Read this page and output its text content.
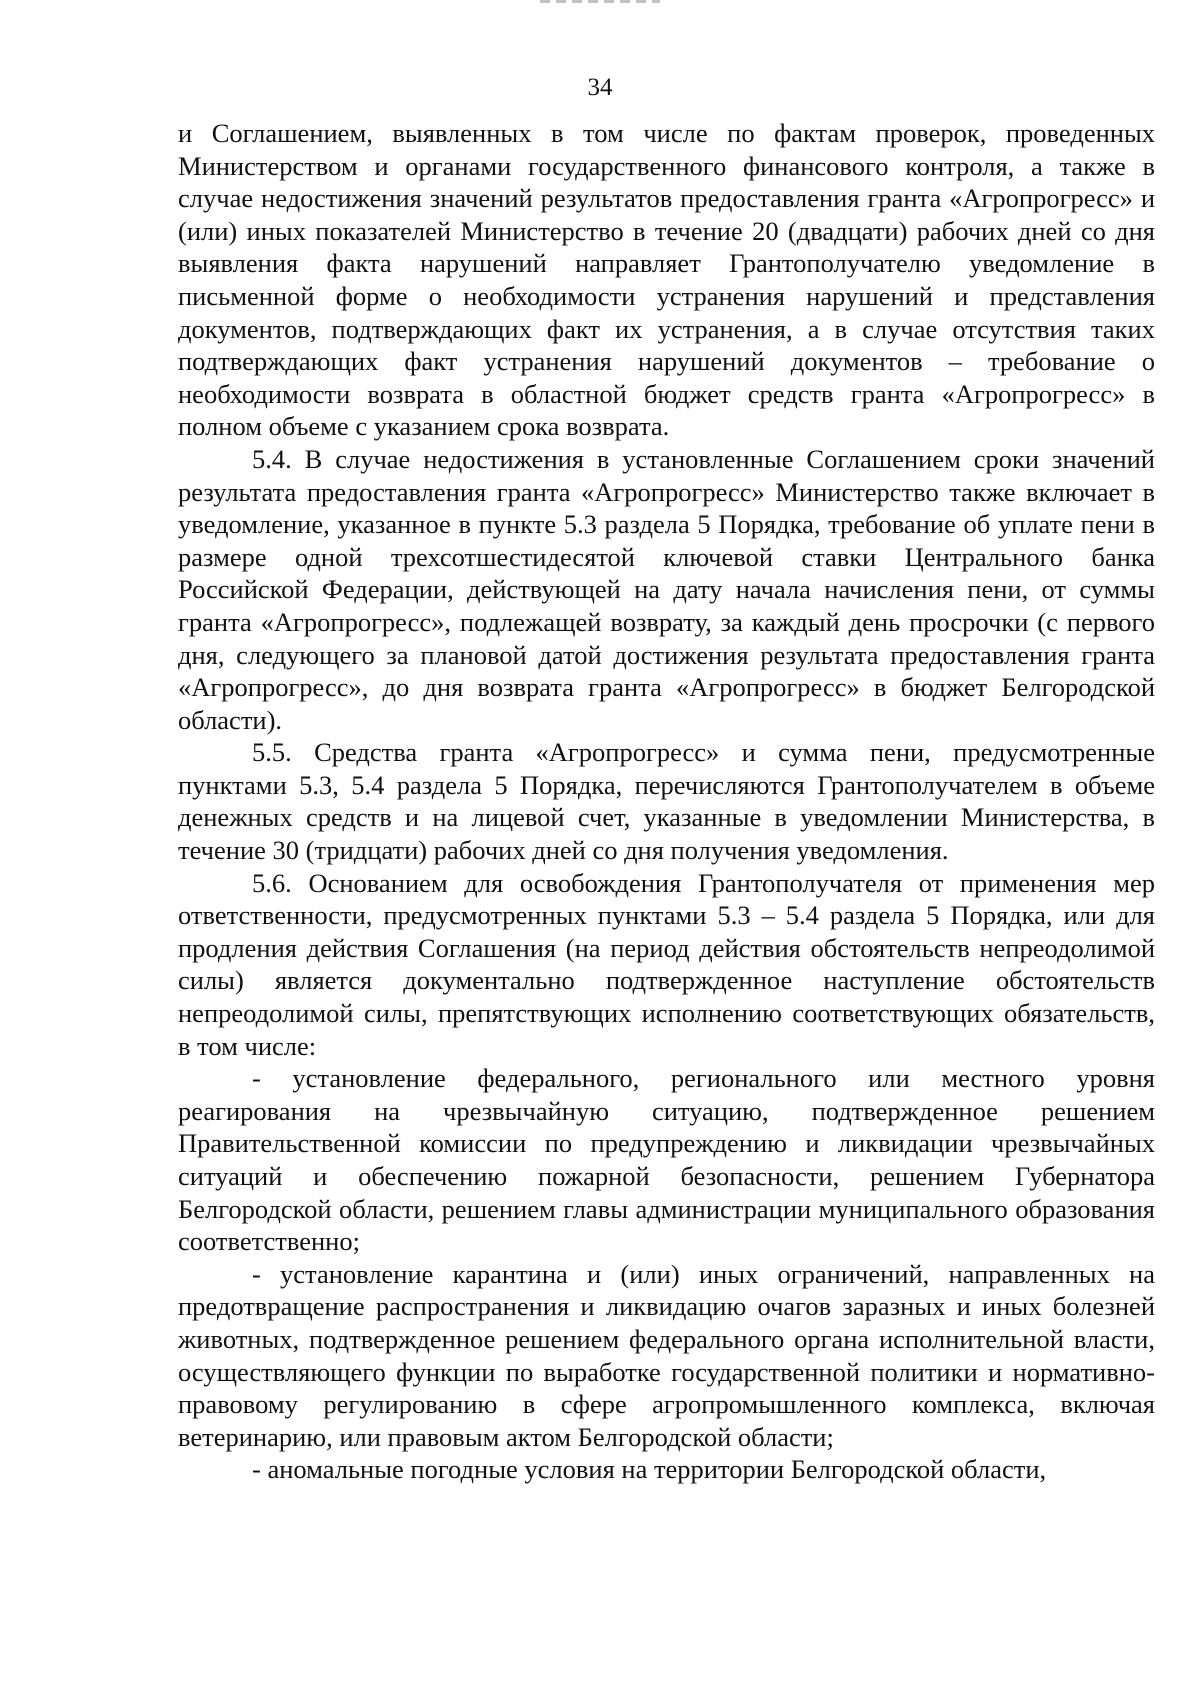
34

и Соглашением, выявленных в том числе по фактам проверок, проведенных Министерством и органами государственного финансового контроля, а также в случае недостижения значений результатов предоставления гранта «Агропрогресс» и (или) иных показателей Министерство в течение 20 (двадцати) рабочих дней со дня выявления факта нарушений направляет Грантополучателю уведомление в письменной форме о необходимости устранения нарушений и представления документов, подтверждающих факт их устранения, а в случае отсутствия таких подтверждающих факт устранения нарушений документов – требование о необходимости возврата в областной бюджет средств гранта «Агропрогресс» в полном объеме с указанием срока возврата.

5.4. В случае недостижения в установленные Соглашением сроки значений результата предоставления гранта «Агропрогресс» Министерство также включает в уведомление, указанное в пункте 5.3 раздела 5 Порядка, требование об уплате пени в размере одной трехсотшестидесятой ключевой ставки Центрального банка Российской Федерации, действующей на дату начала начисления пени, от суммы гранта «Агропрогресс», подлежащей возврату, за каждый день просрочки (с первого дня, следующего за плановой датой достижения результата предоставления гранта «Агропрогресс», до дня возврата гранта «Агропрогресс» в бюджет Белгородской области).

5.5. Средства гранта «Агропрогресс» и сумма пени, предусмотренные пунктами 5.3, 5.4 раздела 5 Порядка, перечисляются Грантополучателем в объеме денежных средств и на лицевой счет, указанные в уведомлении Министерства, в течение 30 (тридцати) рабочих дней со дня получения уведомления.

5.6. Основанием для освобождения Грантополучателя от применения мер ответственности, предусмотренных пунктами 5.3 – 5.4 раздела 5 Порядка, или для продления действия Соглашения (на период действия обстоятельств непреодолимой силы) является документально подтвержденное наступление обстоятельств непреодолимой силы, препятствующих исполнению соответствующих обязательств, в том числе:

- установление федерального, регионального или местного уровня реагирования на чрезвычайную ситуацию, подтвержденное решением Правительственной комиссии по предупреждению и ликвидации чрезвычайных ситуаций и обеспечению пожарной безопасности, решением Губернатора Белгородской области, решением главы администрации муниципального образования соответственно;

- установление карантина и (или) иных ограничений, направленных на предотвращение распространения и ликвидацию очагов заразных и иных болезней животных, подтвержденное решением федерального органа исполнительной власти, осуществляющего функции по выработке государственной политики и нормативно-правовому регулированию в сфере агропромышленного комплекса, включая ветеринарию, или правовым актом Белгородской области;

- аномальные погодные условия на территории Белгородской области,
